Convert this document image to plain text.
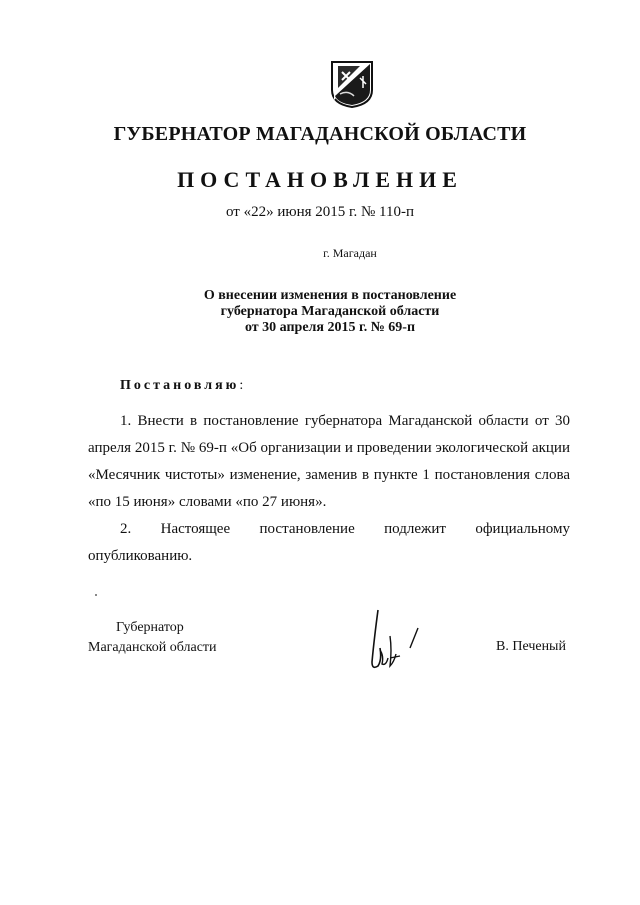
ГУБЕРНАТОР МАГАДАНСКОЙ ОБЛАСТИ
ПОСТАНОВЛЕНИЕ
от «22» июня 2015 г. № 110-п
г. Магадан
О внесении изменения в постановление
губернатора Магаданской области
от 30 апреля 2015 г. № 69-п
Постановляю:

1. Внести в постановление губернатора Магаданской области от 30 апреля 2015 г. № 69-п «Об организации и проведении экологической акции «Месячник чистоты» изменение, заменив в пункте 1 постановления слова «по 15 июня» словами «по 27 июня».

2. Настоящее постановление подлежит официальному опубликованию.

Губернатор
Магаданской области	В. Печеный
